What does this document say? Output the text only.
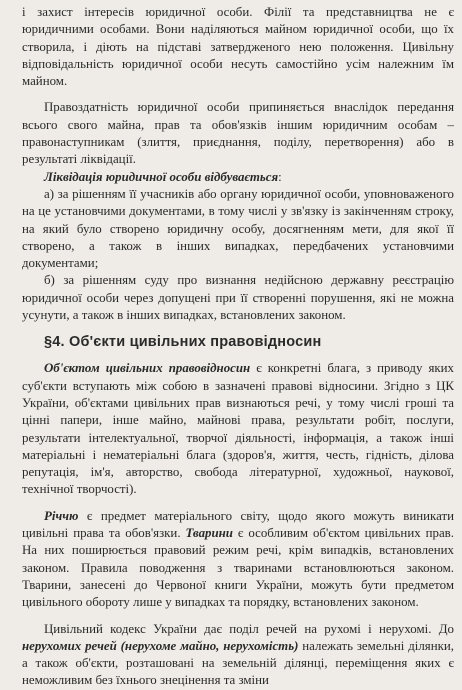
і захист інтересів юридичної особи. Філії та представництва не є юридичними особами. Вони наділяються майном юридичної особи, що їх створила, і діють на підставі затвердженого нею положення. Цивільну відповідальність юридичної особи несуть самостійно усім належним їм майном.

Правоздатність юридичної особи припиняється внаслідок передання всього свого майна, прав та обов'язків іншим юридичним особам – правонаступникам (злиття, приєднання, поділу, перетворення) або в результаті ліквідації.

Ліквідація юридичної особи відбувається:

а) за рішенням її учасників або органу юридичної особи, уповноваженого на це установчими документами, в тому числі у зв'язку із закінченням строку, на який було створено юридичну особу, досягненням мети, для якої її створено, а також в інших випадках, передбачених установчими документами;

б) за рішенням суду про визнання недійсною державну реєстрацію юридичної особи через допущені при її створенні порушення, які не можна усунути, а також в інших випадках, встановлених законом.

§4. Об'єкти цивільних правовідносин

Об'єктом цивільних правовідносин є конкретні блага, з приводу яких суб'єкти вступають між собою в зазначені правові відносини. Згідно з ЦК України, об'єктами цивільних прав визнаються речі, у тому числі гроші та цінні папери, інше майно, майнові права, результати робіт, послуги, результати інтелектуальної, творчої діяльності, інформація, а також інші матеріальні і нематеріальні блага (здоров'я, життя, честь, гідність, ділова репутація, ім'я, авторство, свобода літературної, художньої, наукової, технічної творчості).

Річчю є предмет матеріального світу, щодо якого можуть виникати цивільні права та обов'язки. Тварини є особливим об'єктом цивільних прав. На них поширюється правовий режим речі, крім випадків, встановлених законом. Правила поводження з тваринами встановлюються законом. Тварини, занесені до Червоної книги України, можуть бути предметом цивільного обороту лише у випадках та порядку, встановлених законом.

Цивільний кодекс України дає поділ речей на рухомі і нерухомі. До нерухомих речей (нерухоме майно, нерухомість) належать земельні ділянки, а також об'єкти, розташовані на земельній ділянці, переміщення яких є неможливим без їхнього знецінення та зміни
